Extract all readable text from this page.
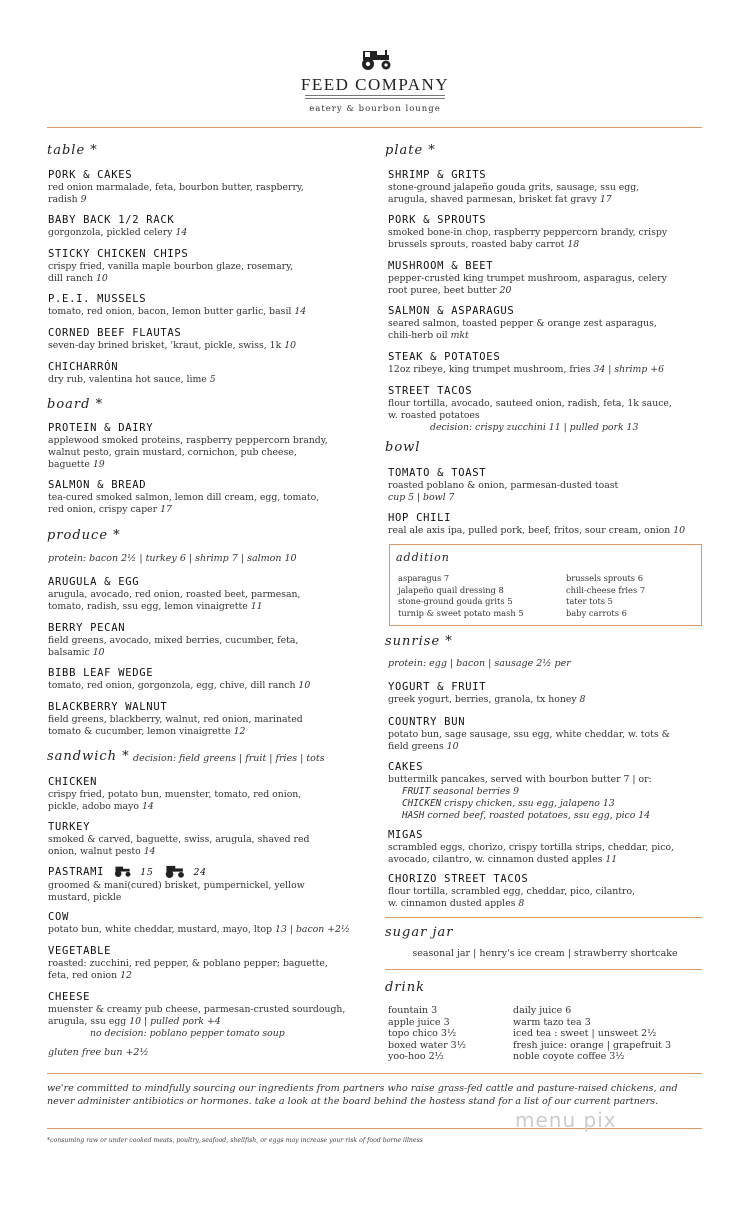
FEED COMPANY
eatery & bourbon lounge
table *
PORK & CAKES
red onion marmalade, feta, bourbon butter, raspberry,
radish 9
BABY BACK 1/2 RACK
gorgonzola, pickled celery 14
STICKY CHICKEN CHIPS
crispy fried, vanilla maple bourbon glaze, rosemary,
dill ranch 10
P.E.I. MUSSELS
tomato, red onion, bacon, lemon butter garlic, basil 14
CORNED BEEF FLAUTAS
seven-day brined brisket, 'kraut, pickle, swiss, 1k 10
CHICHARRÓN
dry rub, valentina hot sauce, lime 5
board *
PROTEIN & DAIRY
applewood smoked proteins, raspberry peppercorn brandy,
walnut pesto, grain mustard, cornichon, pub cheese,
baguette 19
SALMON & BREAD
tea-cured smoked salmon, lemon dill cream, egg, tomato,
red onion, crispy caper 17
produce *
protein: bacon 2½ | turkey 6 | shrimp 7 | salmon 10
ARUGULA & EGG
arugula, avocado, red onion, roasted beet, parmesan,
tomato, radish, ssu egg, lemon vinaigrette 11
BERRY PECAN
field greens, avocado, mixed berries, cucumber, feta,
balsamic 10
BIBB LEAF WEDGE
tomato, red onion, gorgonzola, egg, chive, dill ranch 10
BLACKBERRY WALNUT
field greens, blackberry, walnut, red onion, marinated
tomato & cucumber, lemon vinaigrette 12
sandwich * decision: field greens | fruit | fries | tots
CHICKEN
crispy fried, potato bun, muenster, tomato, red onion,
pickle, adobo mayo 14
TURKEY
smoked & carved, baguette, swiss, arugula, shaved red
onion, walnut pesto 14
PASTRAMI	15	24
groomed & mani(cured) brisket, pumpernickel, yellow
mustard, pickle
COW
potato bun, white cheddar, mustard, mayo, ltop 13 | bacon +2½
VEGETABLE
roasted: zucchini, red pepper, & poblano pepper; baguette,
feta, red onion 12
CHEESE
muenster & creamy pub cheese, parmesan-crusted sourdough,
arugula, ssu egg 10 | pulled pork +4
no decision: poblano pepper tomato soup
gluten free bun +2½
plate *
SHRIMP & GRITS
stone-ground jalapeño gouda grits, sausage, ssu egg,
arugula, shaved parmesan, brisket fat gravy 17
PORK & SPROUTS
smoked bone-in chop, raspberry peppercorn brandy, crispy
brussels sprouts, roasted baby carrot 18
MUSHROOM & BEET
pepper-crusted king trumpet mushroom, asparagus, celery
root puree, beet butter 20
SALMON & ASPARAGUS
seared salmon, toasted pepper & orange zest asparagus,
chili-herb oil mkt
STEAK & POTATOES
12oz ribeye, king trumpet mushroom, fries 34 | shrimp +6
STREET TACOS
flour tortilla, avocado, sauteed onion, radish, feta, 1k sauce,
w. roasted potatoes
decision: crispy zucchini 11 | pulled pork 13
bowl
TOMATO & TOAST
roasted poblano & onion, parmesan-dusted toast
cup 5 | bowl 7
HOP CHILI
real ale axis ipa, pulled pork, beef, fritos, sour cream, onion 10
addition
asparagus 7
jalapeño quail dressing 8
stone-ground gouda grits 5
turnip & sweet potato mash 5
brussels sprouts 6
chili-cheese fries 7
tater tots 5
baby carrots 6
sunrise *
protein: egg | bacon | sausage 2½ per
YOGURT & FRUIT
greek yogurt, berries, granola, tx honey 8
COUNTRY BUN
potato bun, sage sausage, ssu egg, white cheddar, w. tots &
field greens 10
CAKES
buttermilk pancakes, served with bourbon butter 7 | or:
FRUIT seasonal berries 9
CHICKEN crispy chicken, ssu egg, jalapeno 13
HASH corned beef, roasted potatoes, ssu egg, pico 14
MIGAS
scrambled eggs, chorizo, crispy tortilla strips, cheddar, pico,
avocado, cilantro, w. cinnamon dusted apples 11
CHORIZO STREET TACOS
flour tortilla, scrambled egg, cheddar, pico, cilantro,
w. cinnamon dusted apples 8
sugar jar
seasonal jar | henry's ice cream | strawberry shortcake
drink
fountain 3
apple juice 3
topo chico 3½
boxed water 3½
yoo-hoo 2½
daily juice 6
warm tazo tea 3
iced tea : sweet | unsweet 2½
fresh juice: orange | grapefruit 3
noble coyote coffee 3½
we're committed to mindfully sourcing our ingredients from partners who raise grass-fed cattle and pasture-raised chickens, and never administer antibiotics or hormones. take a look at the board behind the hostess stand for a list of our current partners.
*consuming raw or under cooked meats, poultry, seafood, shellfish, or eggs may increase your risk of food borne illness
menu pix
